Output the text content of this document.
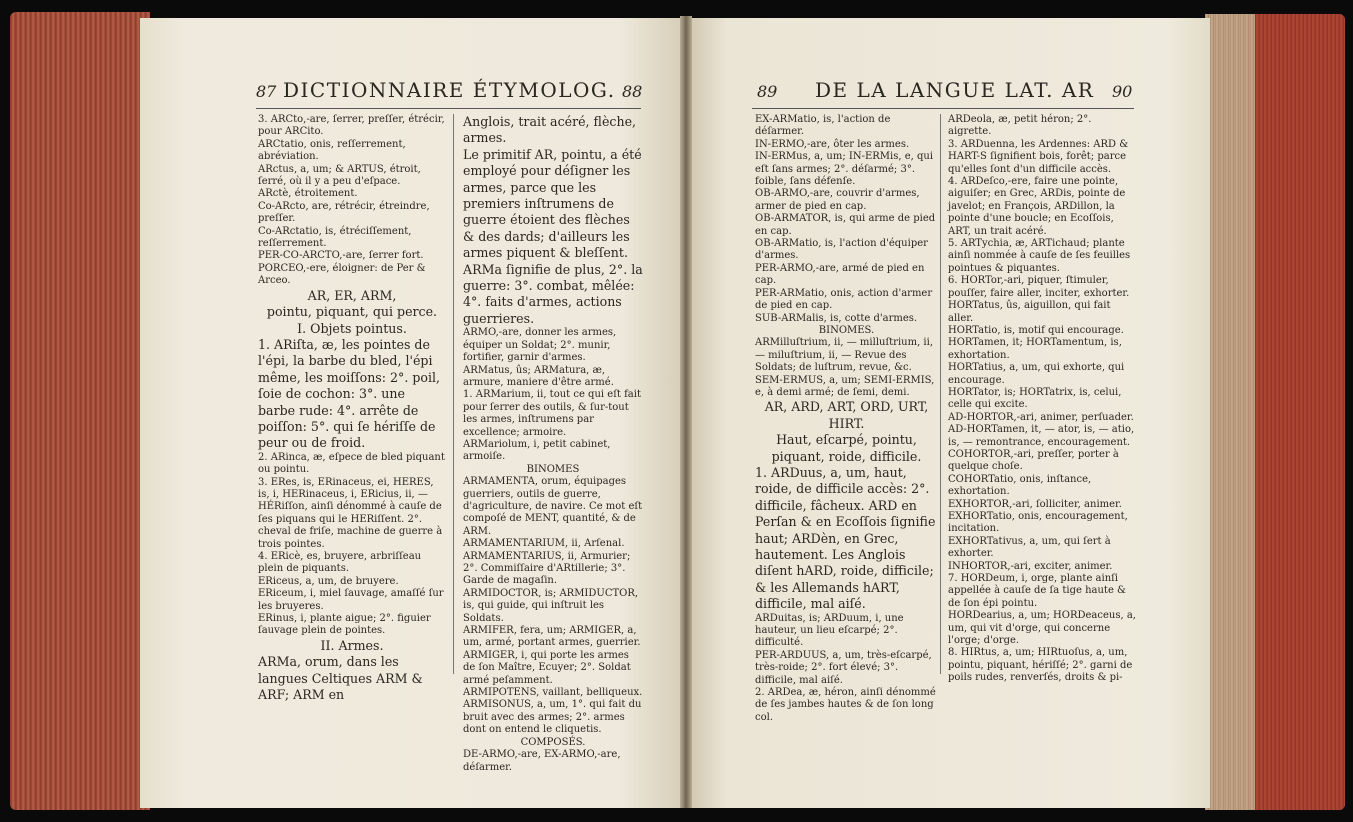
87 DICTIONNAIRE ÉTYMOLOG. 88	89 DE LA LANGUE LAT. AR 90

3. ARCto,-are, ſerrer, preſſer, étrécir, pour ARCito.

ARCtatio, onis, reſſerrement, abréviation.

ARctus, a, um; & ARTUS, étroit, ſerré, où il y a peu d'eſpace.

ARctè, étroitement.

Co-ARcto, are, rétrécir, étreindre, preſſer.

Co-ARctatio, is, étréciſſement, reſſerrement.

PER-CO-ARCTO,-are, ſerrer fort.

PORCEO,-ere, éloigner: de Per & Arceo.

AR, ER, ARM,

pointu, piquant, qui perce.

I. Objets pointus.

1. ARiſta, æ, les pointes de l'épi, la barbe du bled, l'épi même, les moiſſons: 2°. poil, ſoie de cochon: 3°. une barbe rude: 4°. arrête de poiſſon: 5°. qui ſe hériſſe de peur ou de froid.

2. ARinca, æ, eſpece de bled piquant ou pointu.

3. ERes, is, ERinaceus, ei, HERES, is, i, HERinaceus, i, ERicius, ii, — HÉRiſſon, ainſi dénommé à cauſe de ſes piquans qui le HERiſſent. 2°. cheval de friſe, machine de guerre à trois pointes.

4. ERicè, es, bruyere, arbriſſeau plein de piquants.

ERiceus, a, um, de bruyere.

ERiceum, i, miel ſauvage, amaſſé ſur les bruyeres.

ERinus, i, plante aigue; 2°. figuier ſauvage plein de pointes.

II. Armes.

ARMa, orum, dans les langues Celtiques ARM & ARF; ARM en

Anglois, trait acéré, flèche, armes.

Le primitif AR, pointu, a été employé pour déſigner les armes, parce que les premiers inſtrumens de guerre étoient des flèches & des dards; d'ailleurs les armes piquent & bleſſent. ARMa ſignifie de plus, 2°. la guerre: 3°. combat, mêlée: 4°. faits d'armes, actions guerrieres.

ARMO,-are, donner les armes, équiper un Soldat; 2°. munir, fortifier, garnir d'armes.

ARMatus, ûs; ARMatura, æ, armure, maniere d'être armé.

1. ARMarium, ii, tout ce qui eſt fait pour ſerrer des outils, & ſur-tout les armes, inſtrumens par excellence; armoire.

ARMariolum, i, petit cabinet, armoiſe.

BINOMES

ARMAMENTA, orum, équipages guerriers, outils de guerre, d'agriculture, de navire. Ce mot eſt compoſé de MENT, quantité, & de ARM.

ARMAMENTARIUM, ii, Arſenal.

ARMAMENTARIUS, ii, Armurier; 2°. Commiſſaire d'ARtillerie; 3°. Garde de magaſin.

ARMIDOCTOR, is; ARMIDUCTOR, is, qui guide, qui inſtruit les Soldats.

ARMIFER, fera, um; ARMIGER, a, um, armé, portant armes, guerrier.

ARMIGER, i, qui porte les armes de ſon Maître, Ecuyer; 2°. Soldat armé peſamment.

ARMIPOTENS, vaillant, belliqueux.

ARMISONUS, a, um, 1°. qui fait du bruit avec des armes; 2°. armes dont on entend le cliquetis.

COMPOSÉS.

DE-ARMO,-are, EX-ARMO,-are, déſarmer.

EX-ARMatio, is, l'action de déſarmer.

IN-ERMO,-are, ôter les armes.

IN-ERMus, a, um; IN-ERMis, e, qui eſt ſans armes; 2°. déſarmé; 3°. foible, ſans défenſe.

OB-ARMO,-are, couvrir d'armes, armer de pied en cap.

OB-ARMATOR, is, qui arme de pied en cap.

OB-ARMatio, is, l'action d'équiper d'armes.

PER-ARMO,-are, armé de pied en cap.

PER-ARMatio, onis, action d'armer de pied en cap.

SUB-ARMalis, is, cotte d'armes.

BINOMES.

ARMilluſtrium, ii, — milluſtrium, ii, — miluſtrium, ii, — Revue des Soldats; de luſtrum, revue, &c.

SEM-ERMUS, a, um; SEMI-ERMIS, e, à demi armé; de ſemi, demi.

AR, ARD, ART, ORD, URT, HIRT.

Haut, eſcarpé, pointu, piquant, roide, difficile.

1. ARDuus, a, um, haut, roide, de difficile accès: 2°. difficile, fâcheux. ARD en Perſan & en Ecoſſois ſignifie haut; ARDèn, en Grec, hautement. Les Anglois diſent hARD, roide, difficile; & les Allemands hART, difficile, mal aiſé.

ARDuitas, is; ARDuum, i, une hauteur, un lieu eſcarpé; 2°. difficulté.

PER-ARDUUS, a, um, très-eſcarpé, très-roide; 2°. fort élevé; 3°. difficile, mal aiſé.

2. ARDea, æ, héron, ainſi dénommé de ſes jambes hautes & de ſon long col.

ARDeola, æ, petit héron; 2°. aigrette.

3. ARDuenna, les Ardennes: ARD & HART-S ſignifient bois, forêt; parce qu'elles ſont d'un difficile accès.

4. ARDeſco,-ere, faire une pointe, aiguiſer; en Grec, ARDis, pointe de javelot; en François, ARDillon, la pointe d'une boucle; en Ecoſſois, ART, un trait acéré.

5. ARTychia, æ, ARTichaud; plante ainſi nommée à cauſe de ſes feuilles pointues & piquantes.

6. HORTor,-ari, piquer, ſtimuler, pouſſer, faire aller, inciter, exhorter.

HORTatus, ûs, aiguillon, qui fait aller.

HORTatio, is, motif qui encourage.

HORTamen, it; HORTamentum, is, exhortation.

HORTatius, a, um, qui exhorte, qui encourage.

HORTator, is; HORTatrix, is, celui, celle qui excite.

AD-HORTOR,-ari, animer, perſuader.

AD-HORTamen, it, — ator, is, — atio, is, — remontrance, encouragement.

COHORTOR,-ari, preſſer, porter à quelque choſe.

COHORTatio, onis, inſtance, exhortation.

EXHORTOR,-ari, ſolliciter, animer.

EXHORTatio, onis, encouragement, incitation.

EXHORTativus, a, um, qui ſert à exhorter.

INHORTOR,-ari, exciter, animer.

7. HORDeum, i, orge, plante ainſi appellée à cauſe de ſa tige haute & de ſon épi pointu.

HORDearius, a, um; HORDeaceus, a, um, qui vit d'orge, qui concerne l'orge; d'orge.

8. HIRtus, a, um; HIRtuoſus, a, um, pointu, piquant, hériſſé; 2°. garni de poils rudes, renverſés, droits & pi-
